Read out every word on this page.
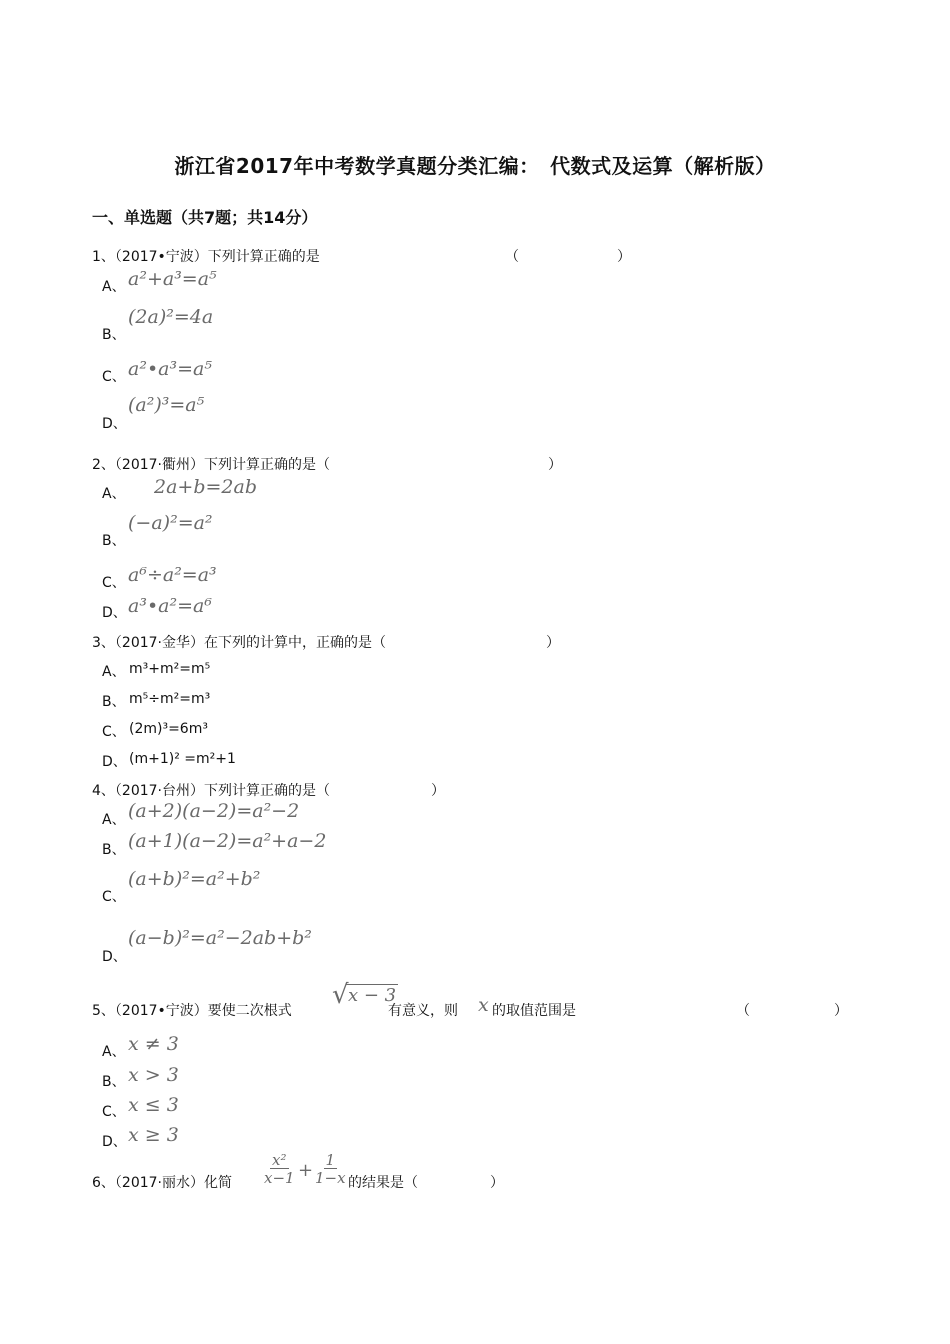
浙江省2017年中考数学真题分类汇编：　代数式及运算（解析版）
一、单选题（共7题；共14分）
1、（2017•宁波）下列计算正确的是	（　　　　　　　）
A、 a²+a³=a⁵
B、
(2a)²=4a
C、 a²•a³=a⁵
D、
(a²)³=a⁵
2、（2017·衢州）下列计算正确的是（	）
A、 2a+b=2ab
B、
(−a)²=a²
C、 a⁶÷a²=a³
D、 a³•a²=a⁶
3、（2017·金华）在下列的计算中，正确的是（	）
A、 m³+m²=m⁵
B、 m⁵÷m²=m³
C、 (2m)³=6m³
D、 (m+1)² =m²+1
4、（2017·台州）下列计算正确的是（	）
A、 (a+2)(a−2)=a²−2
B、 (a+1)(a−2)=a²+a−2
C、
(a+b)²=a²+b²
D、
(a−b)²=a²−2ab+b²
5、（2017•宁波）要使二次根式
√ x − 3
有意义，则 x 的取值范围是	（　　　　　　）
A、 x ≠ 3
B、 x > 3
C、 x ≤ 3
D、 x ≥ 3
6、（2017·丽水）化简 $\frac{\text{x²}}{x-1} + \frac{1}{1-x}$ 的结果是（	）
